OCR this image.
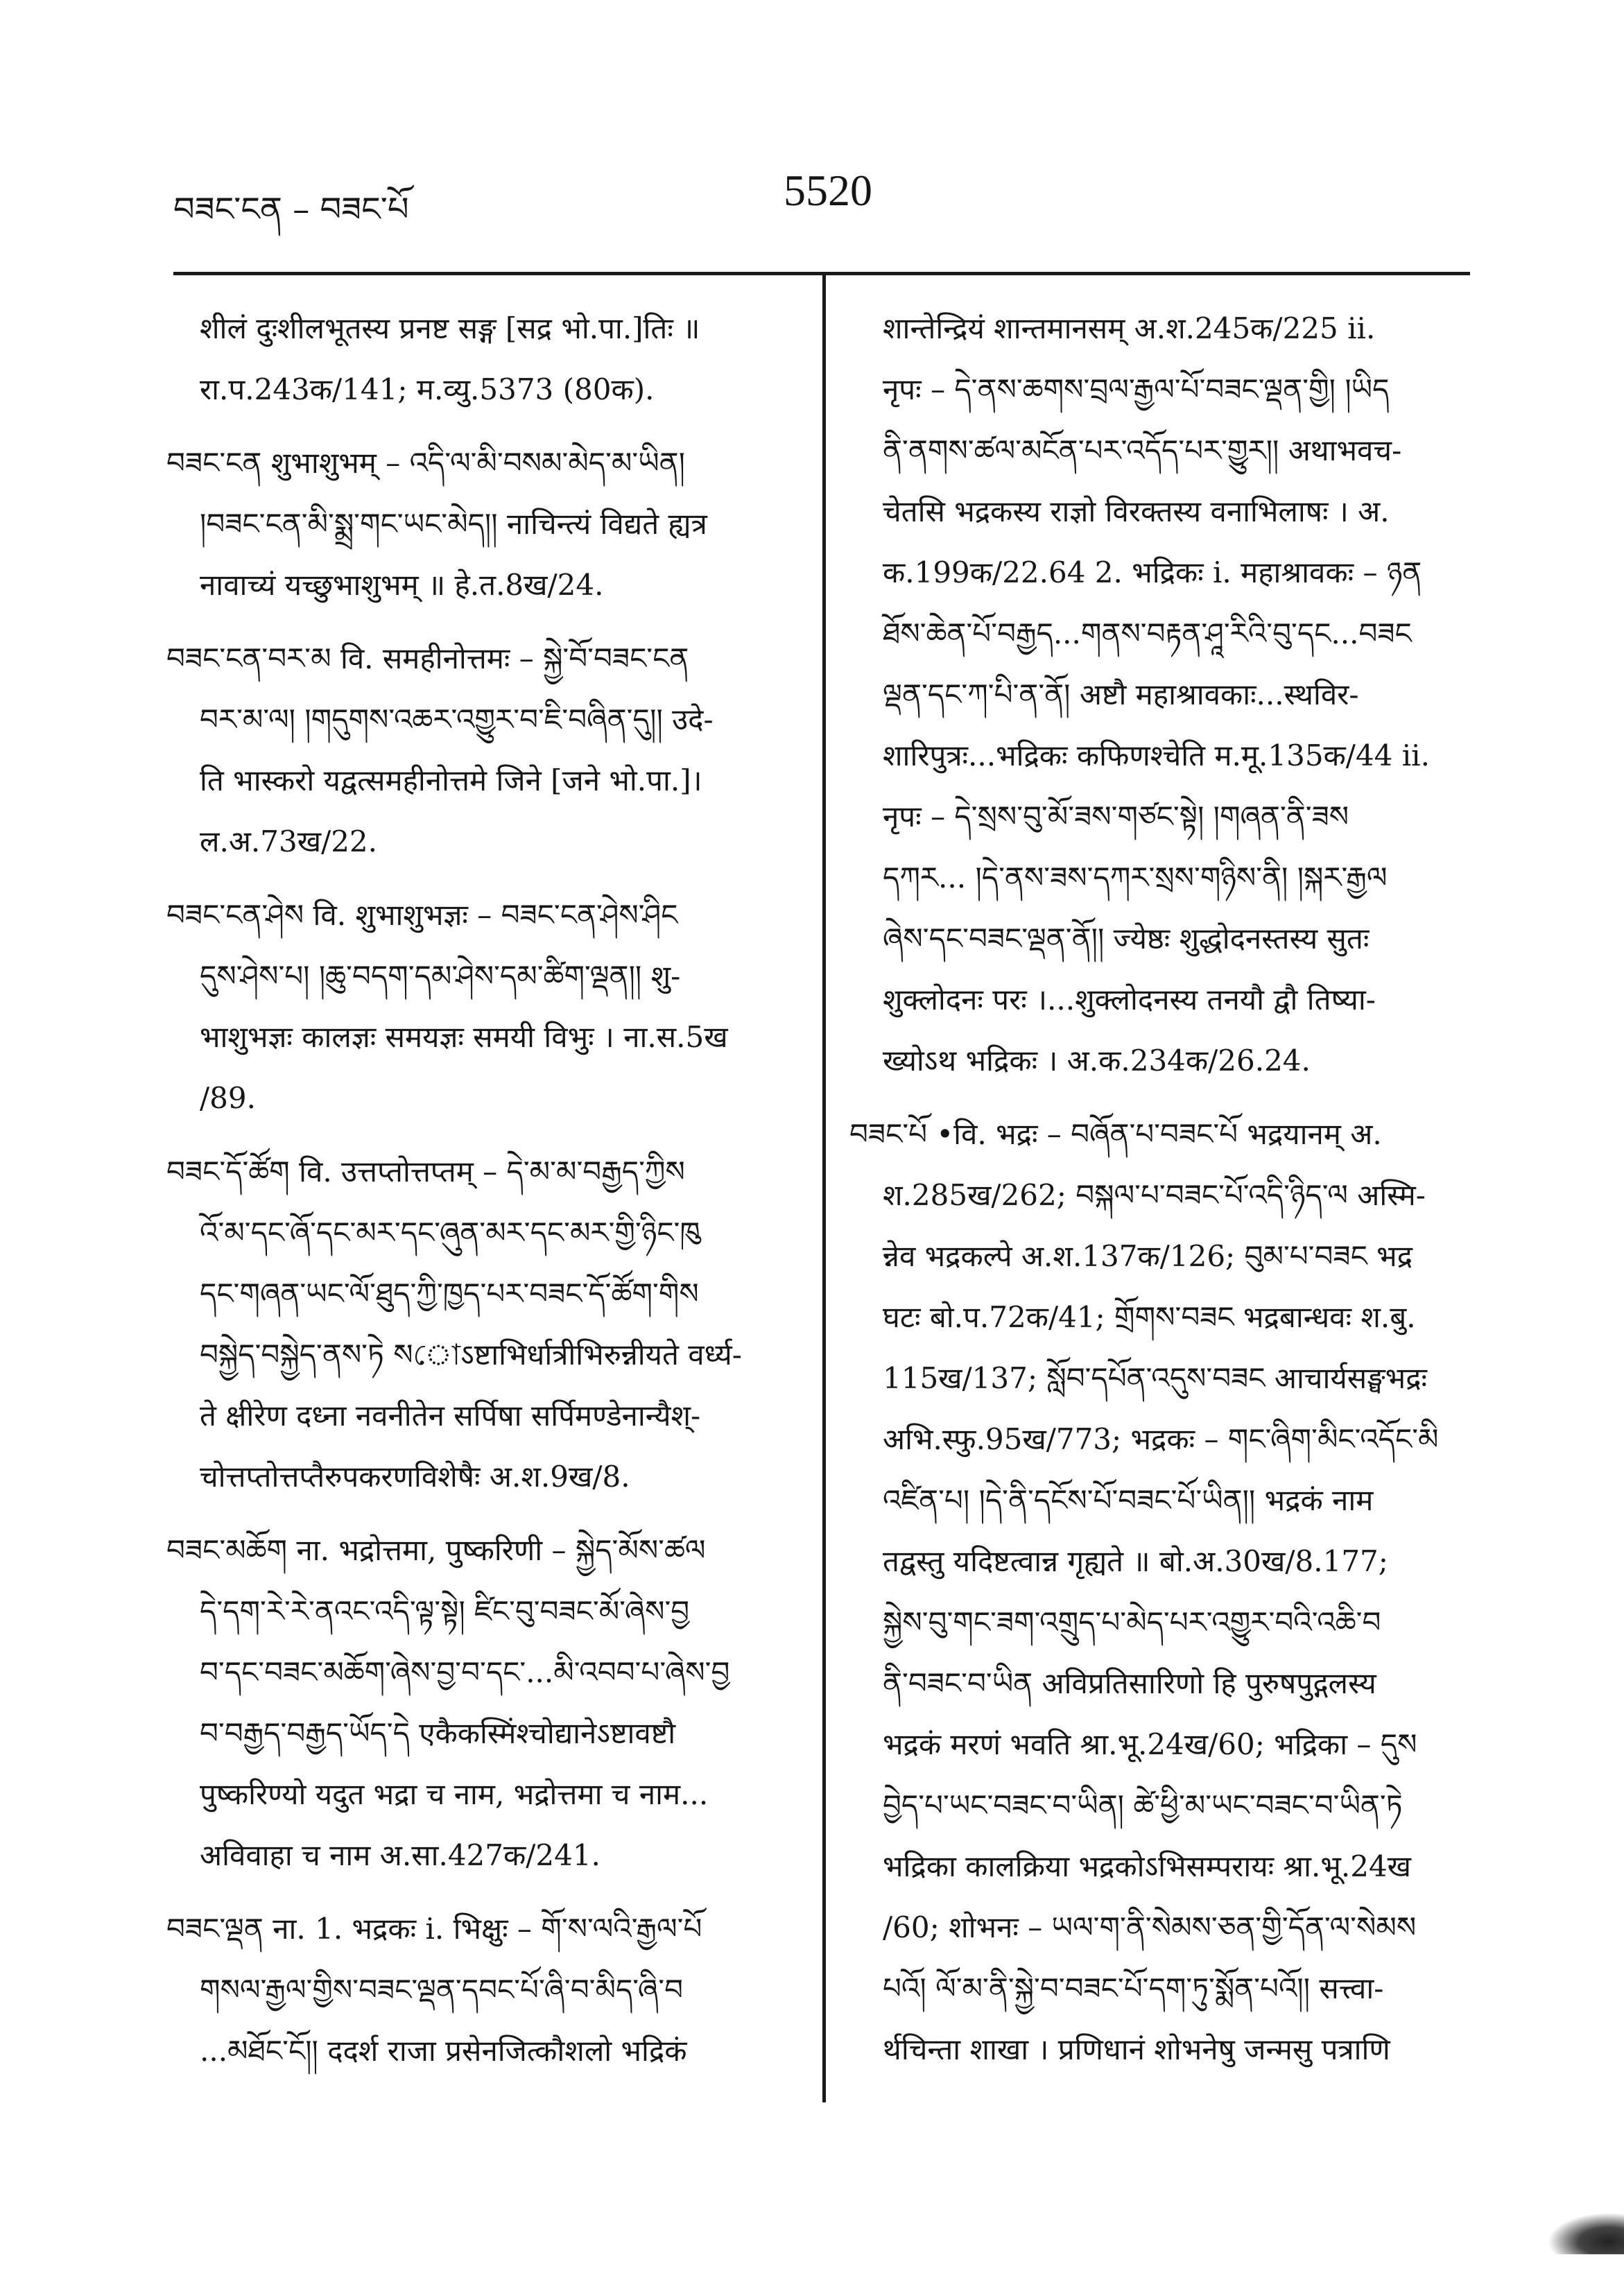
བཟང་ངན – བཟང་པོ	5520
शीलं दुःशीलभूतस्य प्रनष्ट सङ्ग [सद्र भो.पा.]तिः ॥
रा.प.243क/141; म.व्यु.5373 (80क).
བཟང་ངན शुभाशुभम् – འདི་ལ་མི་བསམ་མེད་མ་ཡིན།
།བཟང་ངན་མི་སྨྲ་གང་ཡང་མེད།། नाचिन्त्यं विद्यते ह्यत्र
नावाच्यं यच्छुभाशुभम् ॥ हे.त.8ख/24.
བཟང་ངན་བར་མ वि. समहीनोत्तमः – སྐྱེ་བོ་བཟང་ངན
བར་མ་ལ། །གདུགས་འཆར་འགྱུར་བ་ཇི་བཞིན་དུ།། उदे-
ति भास्करो यद्वत्समहीनोत्तमे जिने [जने भो.पा.]।
ल.अ.73ख/22.
བཟང་ངན་ཤེས वि. शुभाशुभज्ञः – བཟང་ངན་ཤེས་ཤིང
དུས་ཤེས་པ། །ཆུ་བདག་དམ་ཤེས་དམ་ཚིག་ལྡན།། शु-
भाशुभज्ञः कालज्ञः समयज्ञः समयी विभुः । ना.स.5ख
/89.
བཟང་དོ་ཚོག वि. उत्तप्तोत्तप्तम् – དེ་མ་མ་བརྒྱད་ཀྱིས
འོ་མ་དང་ཞོ་དང་མར་དང་ཞུན་མར་དང་མར་གྱི་ཉིང་ཁུ
དང་གཞན་ཡང་ལོ་ཐུད་ཀྱི་ཁྱད་པར་བཟང་དོ་ཚོག་གིས
བསྐྱེད་བསྐྱེད་ནས་ཏེ སোऽष्टाभिर्धात्रीभिरुन्नीयते वर्ध्य-
ते क्षीरेण दध्ना नवनीतेन सर्पिषा सर्पिमण्डेनान्यैश्-
चोत्तप्तोत्तप्तैरुपकरणविशेषैः अ.श.9ख/8.
བཟང་མཆོག ना. भद्रोत्तमा, पुष्करिणी – སྐྱེད་མོས་ཚལ
དེ་དག་རེ་རེ་ནའང་འདི་ལྟ་སྟེ། ཛིང་བུ་བཟང་མོ་ཞེས་བྱ
བ་དང་བཟང་མཆོག་ཞེས་བྱ་བ་དང་...མི་འབབ་པ་ཞེས་བྱ
བ་བརྒྱད་བརྒྱད་ཡོད་དེ एकैकस्मिंश्चोद्यानेऽष्टावष्टौ
पुष्करिण्यो यदुत भद्रा च नाम, भद्रोत्तमा च नाम...
अविवाहा च नाम अ.सा.427क/241.
བཟང་ལྡན ना. 1. भद्रकः i. भिक्षुः – གོ་ས་ལའི་རྒྱལ་པོ
གསལ་རྒྱལ་གྱིས་བཟང་ལྡན་དབང་པོ་ཞི་བ་མིད་ཞི་བ
...མཐོང་ངོ།། ददर्श राजा प्रसेनजित्कौशलो भद्रिकं
शान्तेन्द्रियं शान्तमानसम् अ.श.245क/225 ii.
नृपः – དེ་ནས་ཆགས་བྲལ་རྒྱལ་པོ་བཟང་ལྡན་གྱི། །ཡིད
ནི་ནགས་ཚལ་མངོན་པར་འདོད་པར་གྱུར།། अथाभवच-
चेतसि भद्रकस्य राज्ञो विरक्तस्य वनाभिलाषः । अ.
क.199क/22.64 2. भद्रिकः i. महाश्रावकः – ཉན
ཐོས་ཆེན་པོ་བརྒྱད...གནས་བརྟན་ཤཱ་རིའི་བུ་དང...བཟང
ལྡན་དང་ཀ་པི་ན་ནོ། अष्टौ महाश्रावकाः...स्थविर-
शारिपुत्रः...भद्रिकः कफिणश्चेति म.मू.135क/44 ii.
नृपः – དེ་སྲས་བུ་མོ་ཟས་གཙང་སྟེ། །གཞན་ནི་ཟས
དཀར... །དེ་ནས་ཟས་དཀར་སྲས་གཉིས་ནི། །སྐར་རྒྱལ
ཞེས་དང་བཟང་ལྡན་ནོ།། ज्येष्ठः शुद्धोदनस्तस्य सुतः
शुक्लोदनः परः ।...शुक्लोदनस्य तनयौ द्वौ तिष्या-
ख्योऽथ भद्रिकः । अ.क.234क/26.24.
བཟང་པོ •वि. भद्रः – བཞོན་པ་བཟང་པོ भद्रयानम् अ.
श.285ख/262; བསྐལ་པ་བཟང་པོ་འདི་ཉིད་ལ अस्मि-
न्नेव भद्रकल्पे अ.श.137क/126; བུམ་པ་བཟང भद्र
घटः बो.प.72क/41; གྲོགས་བཟང भद्रबान्धवः श.बु.
115ख/137; སློབ་དཔོན་འདུས་བཟང आचार्यसङ्घभद्रः
अभि.स्फु.95ख/773; भद्रकः – གང་ཞིག་མིང་འདོང་མི
འཛིན་པ། །དེ་ནི་དངོས་པོ་བཟང་པོ་ཡིན།། भद्रकं नाम
तद्वस्तु यदिष्टत्वान्न गृह्यते ॥ बो.अ.30ख/8.177;
སྐྱེས་བུ་གང་ཟག་འགྲུད་པ་མེད་པར་འགྱུར་བའི་འཆི་བ
ནི་བཟང་བ་ཡིན अविप्रतिसारिणो हि पुरुषपुद्गलस्य
भद्रकं मरणं भवति श्रा.भू.24ख/60; भद्रिका – དུས
བྱེད་པ་ཡང་བཟང་བ་ཡིན། ཚེ་ཕྱི་མ་ཡང་བཟང་བ་ཡིན་ཏེ
भद्रिका कालक्रिया भद्रकोऽभिसम्परायः श्रा.भू.24ख
/60; शोभनः – ཡལ་ག་ནི་སེམས་ཅན་གྱི་དོན་ལ་སེམས
པའོ། ལོ་མ་ནི་སྐྱེ་བ་བཟང་པོ་དག་ཏུ་སྨོན་པའོ།། सत्त्वा-
र्थचिन्ता शाखा । प्रणिधानं शोभनेषु जन्मसु पत्राणि
